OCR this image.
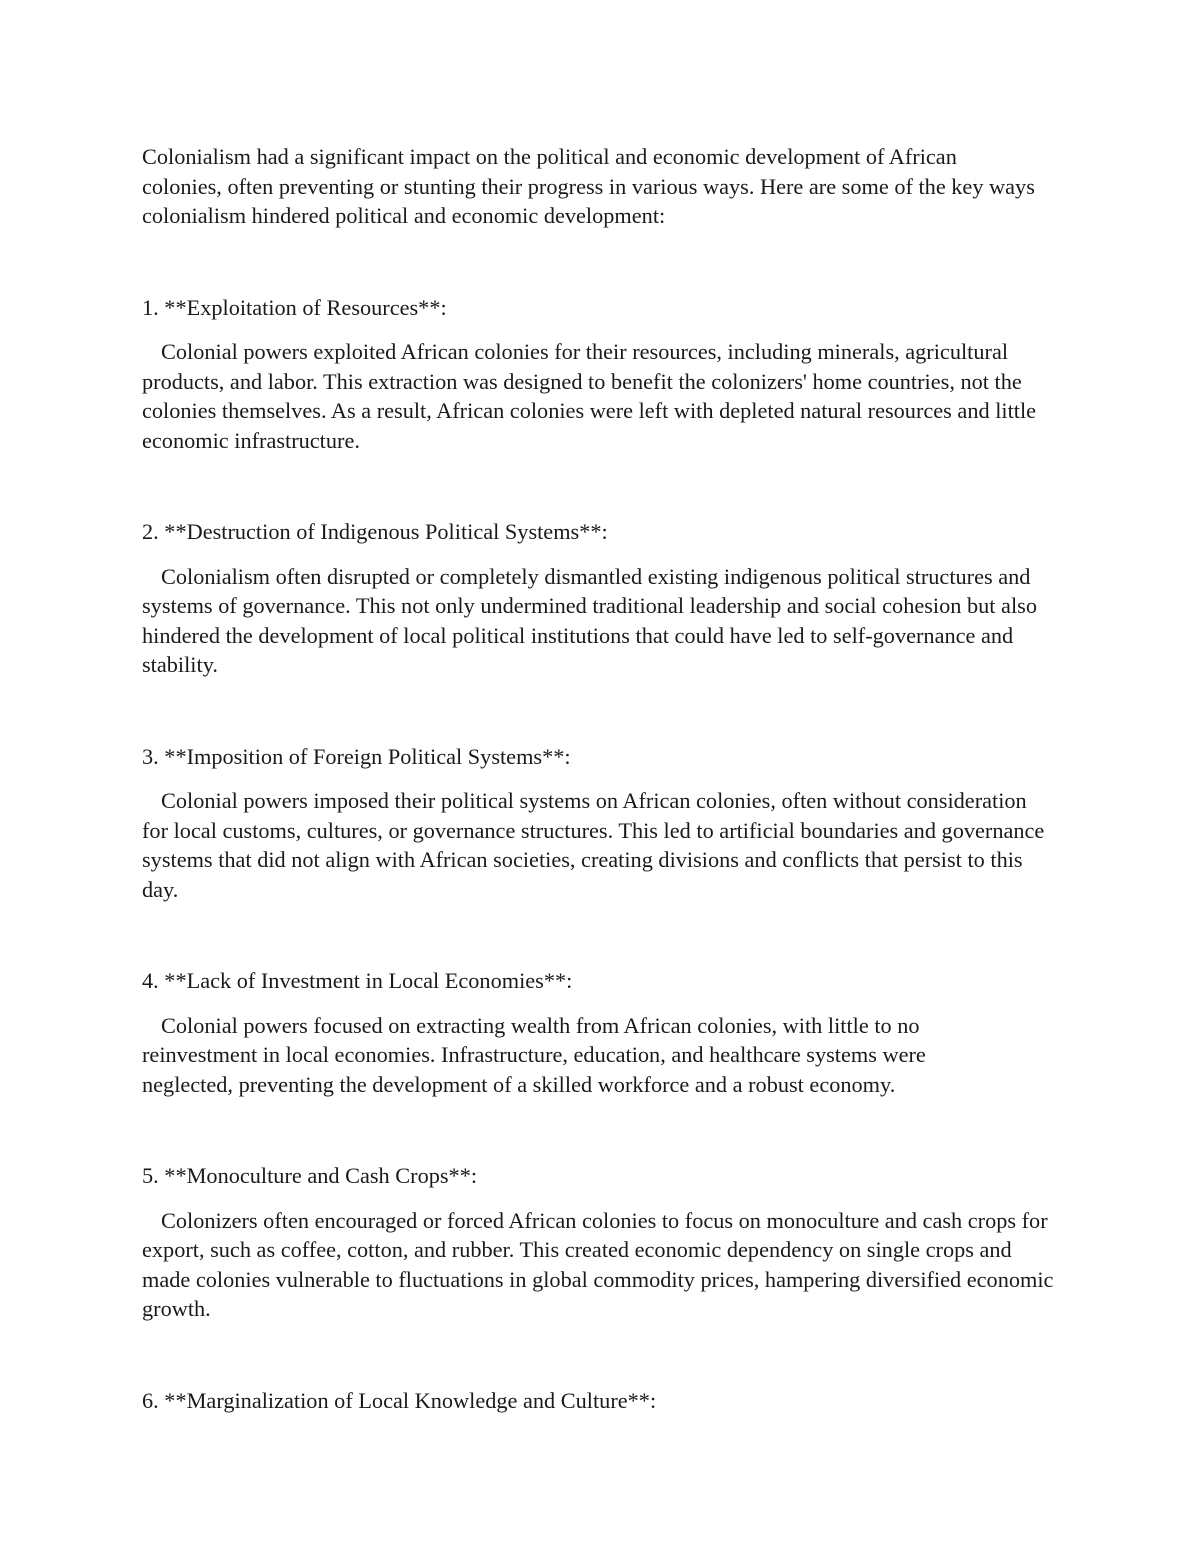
Colonialism had a significant impact on the political and economic development of African colonies, often preventing or stunting their progress in various ways. Here are some of the key ways colonialism hindered political and economic development:

1. **Exploitation of Resources**:

Colonial powers exploited African colonies for their resources, including minerals, agricultural products, and labor. This extraction was designed to benefit the colonizers' home countries, not the colonies themselves. As a result, African colonies were left with depleted natural resources and little economic infrastructure.

2. **Destruction of Indigenous Political Systems**:

Colonialism often disrupted or completely dismantled existing indigenous political structures and systems of governance. This not only undermined traditional leadership and social cohesion but also hindered the development of local political institutions that could have led to self-governance and stability.

3. **Imposition of Foreign Political Systems**:

Colonial powers imposed their political systems on African colonies, often without consideration for local customs, cultures, or governance structures. This led to artificial boundaries and governance systems that did not align with African societies, creating divisions and conflicts that persist to this day.

4. **Lack of Investment in Local Economies**:

Colonial powers focused on extracting wealth from African colonies, with little to no reinvestment in local economies. Infrastructure, education, and healthcare systems were neglected, preventing the development of a skilled workforce and a robust economy.

5. **Monoculture and Cash Crops**:

Colonizers often encouraged or forced African colonies to focus on monoculture and cash crops for export, such as coffee, cotton, and rubber. This created economic dependency on single crops and made colonies vulnerable to fluctuations in global commodity prices, hampering diversified economic growth.

6. **Marginalization of Local Knowledge and Culture**:
